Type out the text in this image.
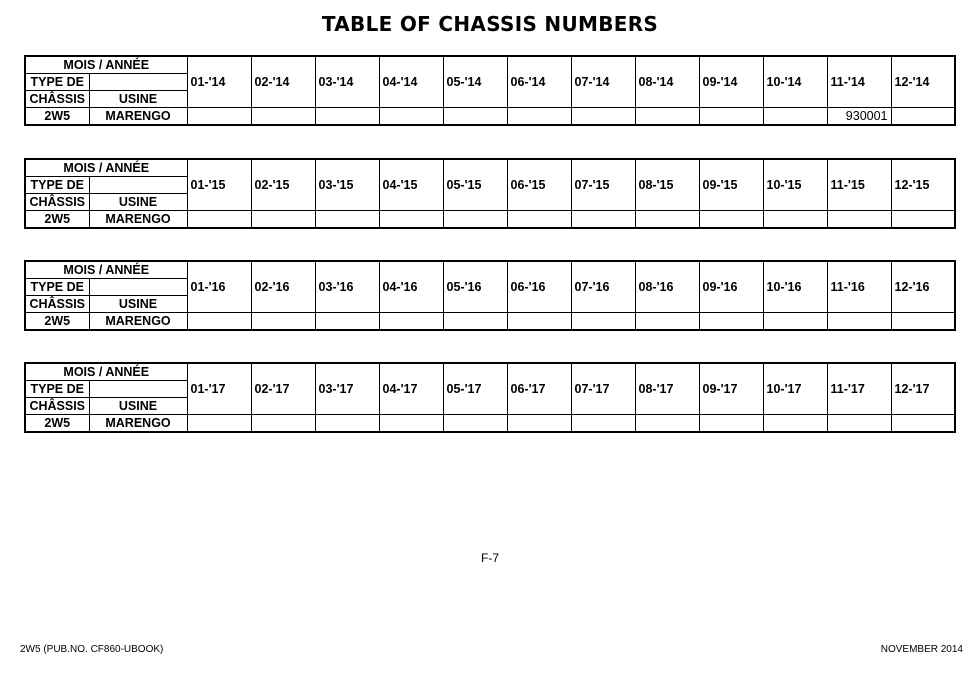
TABLE OF CHASSIS NUMBERS
MOIS / ANNÉE		01-'14	02-'14	03-'14	04-'14	05-'14	06-'14	07-'14	08-'14	09-'14	10-'14	11-'14	12-'14
TYPE DE													
CHÂSSIS	USINE												
2W5	MARENGO											930001	
MOIS / ANNÉE		01-'15	02-'15	03-'15	04-'15	05-'15	06-'15	07-'15	08-'15	09-'15	10-'15	11-'15	12-'15
TYPE DE													
CHÂSSIS	USINE												
2W5	MARENGO												
MOIS / ANNÉE		01-'16	02-'16	03-'16	04-'16	05-'16	06-'16	07-'16	08-'16	09-'16	10-'16	11-'16	12-'16
TYPE DE													
CHÂSSIS	USINE												
2W5	MARENGO												
MOIS / ANNÉE		01-'17	02-'17	03-'17	04-'17	05-'17	06-'17	07-'17	08-'17	09-'17	10-'17	11-'17	12-'17
TYPE DE													
CHÂSSIS	USINE												
2W5	MARENGO												
F-7
2W5 (PUB.NO. CF860-UBOOK)	NOVEMBER 2014
